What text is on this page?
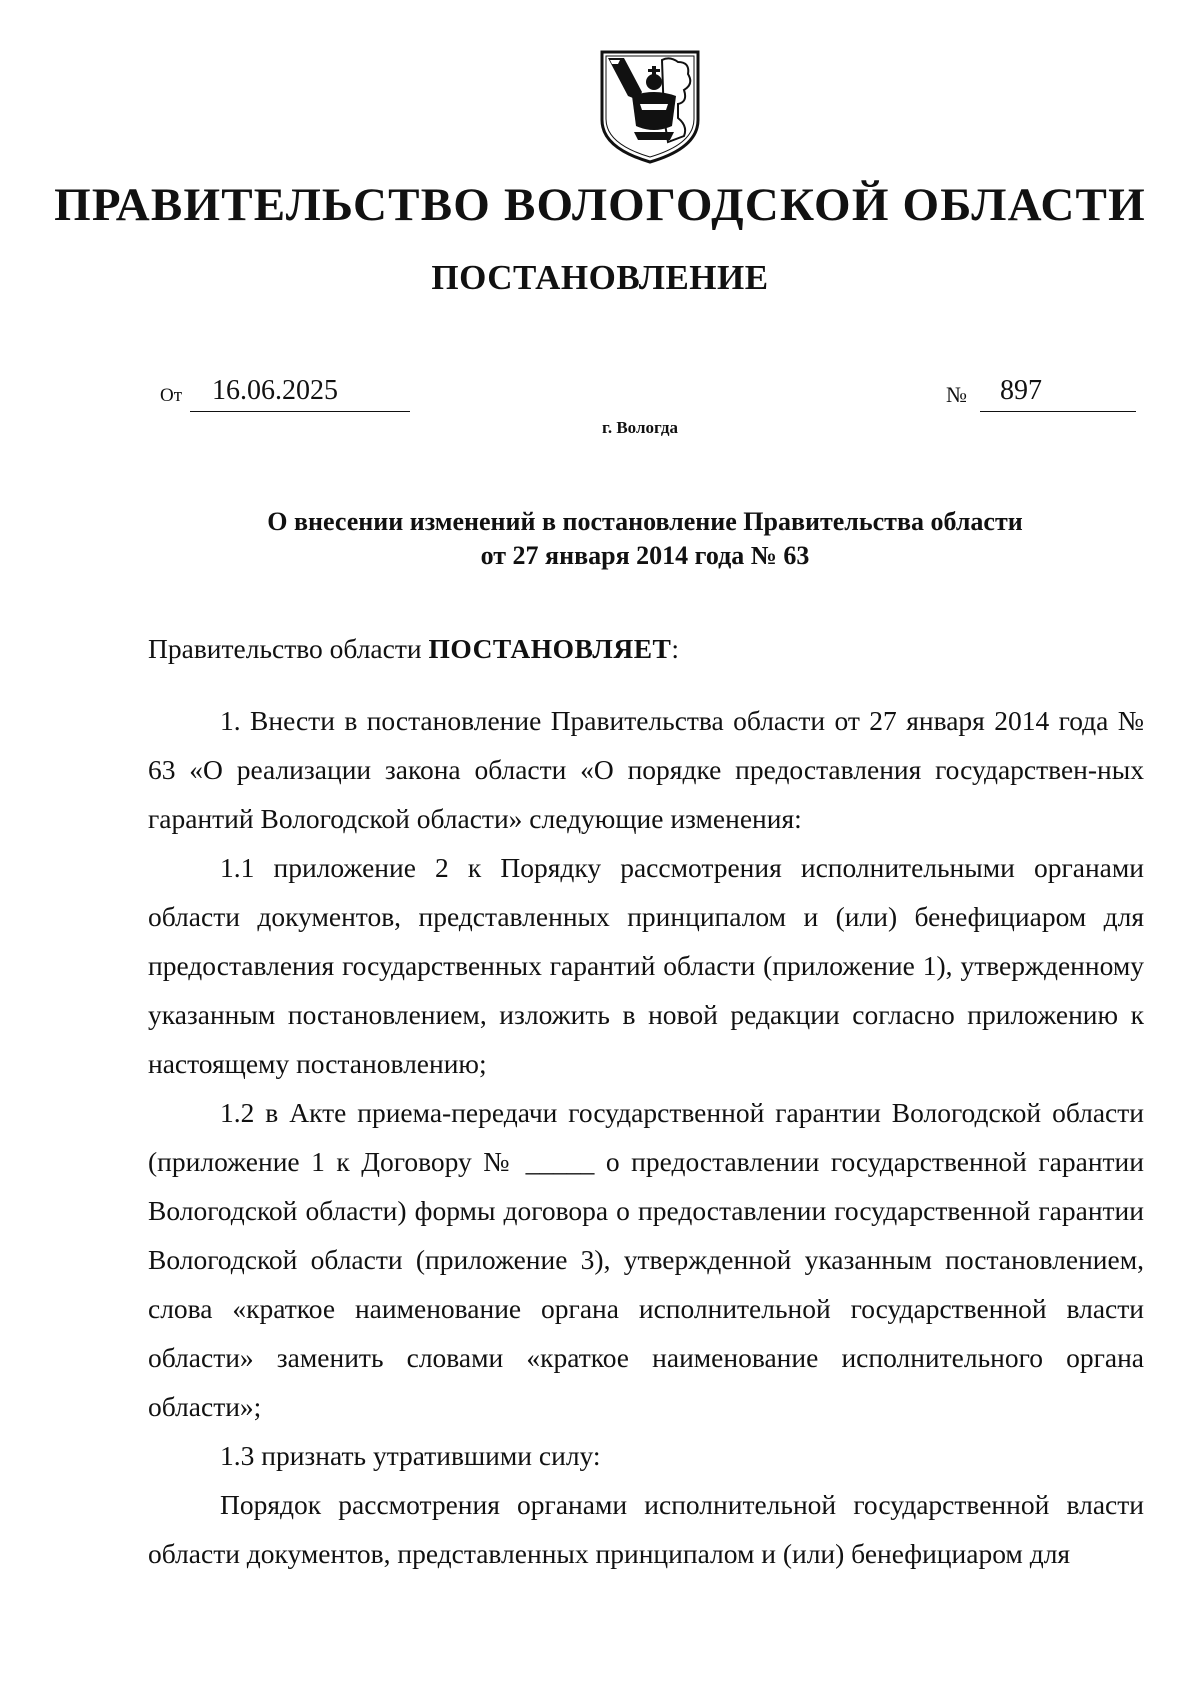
ПРАВИТЕЛЬСТВО ВОЛОГОДСКОЙ ОБЛАСТИ
ПОСТАНОВЛЕНИЕ
От	16.06.2025	№	897
г. Вологда
О внесении изменений в постановление Правительства области
от 27 января 2014 года № 63

Правительство области ПОСТАНОВЛЯЕТ:

1. Внести в постановление Правительства области от 27 января 2014 года № 63 «О реализации закона области «О порядке предоставления государствен-ных гарантий Вологодской области» следующие изменения:

1.1 приложение 2 к Порядку рассмотрения исполнительными органами области документов, представленных принципалом и (или) бенефициаром для предоставления государственных гарантий области (приложение 1), утвержденному указанным постановлением, изложить в новой редакции согласно приложению к настоящему постановлению;

1.2 в Акте приема-передачи государственной гарантии Вологодской области (приложение 1 к Договору № _____ о предоставлении государственной гарантии Вологодской области) формы договора о предоставлении государственной гарантии Вологодской области (приложение 3), утвержденной указанным постановлением, слова «краткое наименование органа исполнительной государственной власти области» заменить словами «краткое наименование исполнительного органа области»;

1.3 признать утратившими силу:

Порядок рассмотрения органами исполнительной государственной власти области документов, представленных принципалом и (или) бенефициаром для
